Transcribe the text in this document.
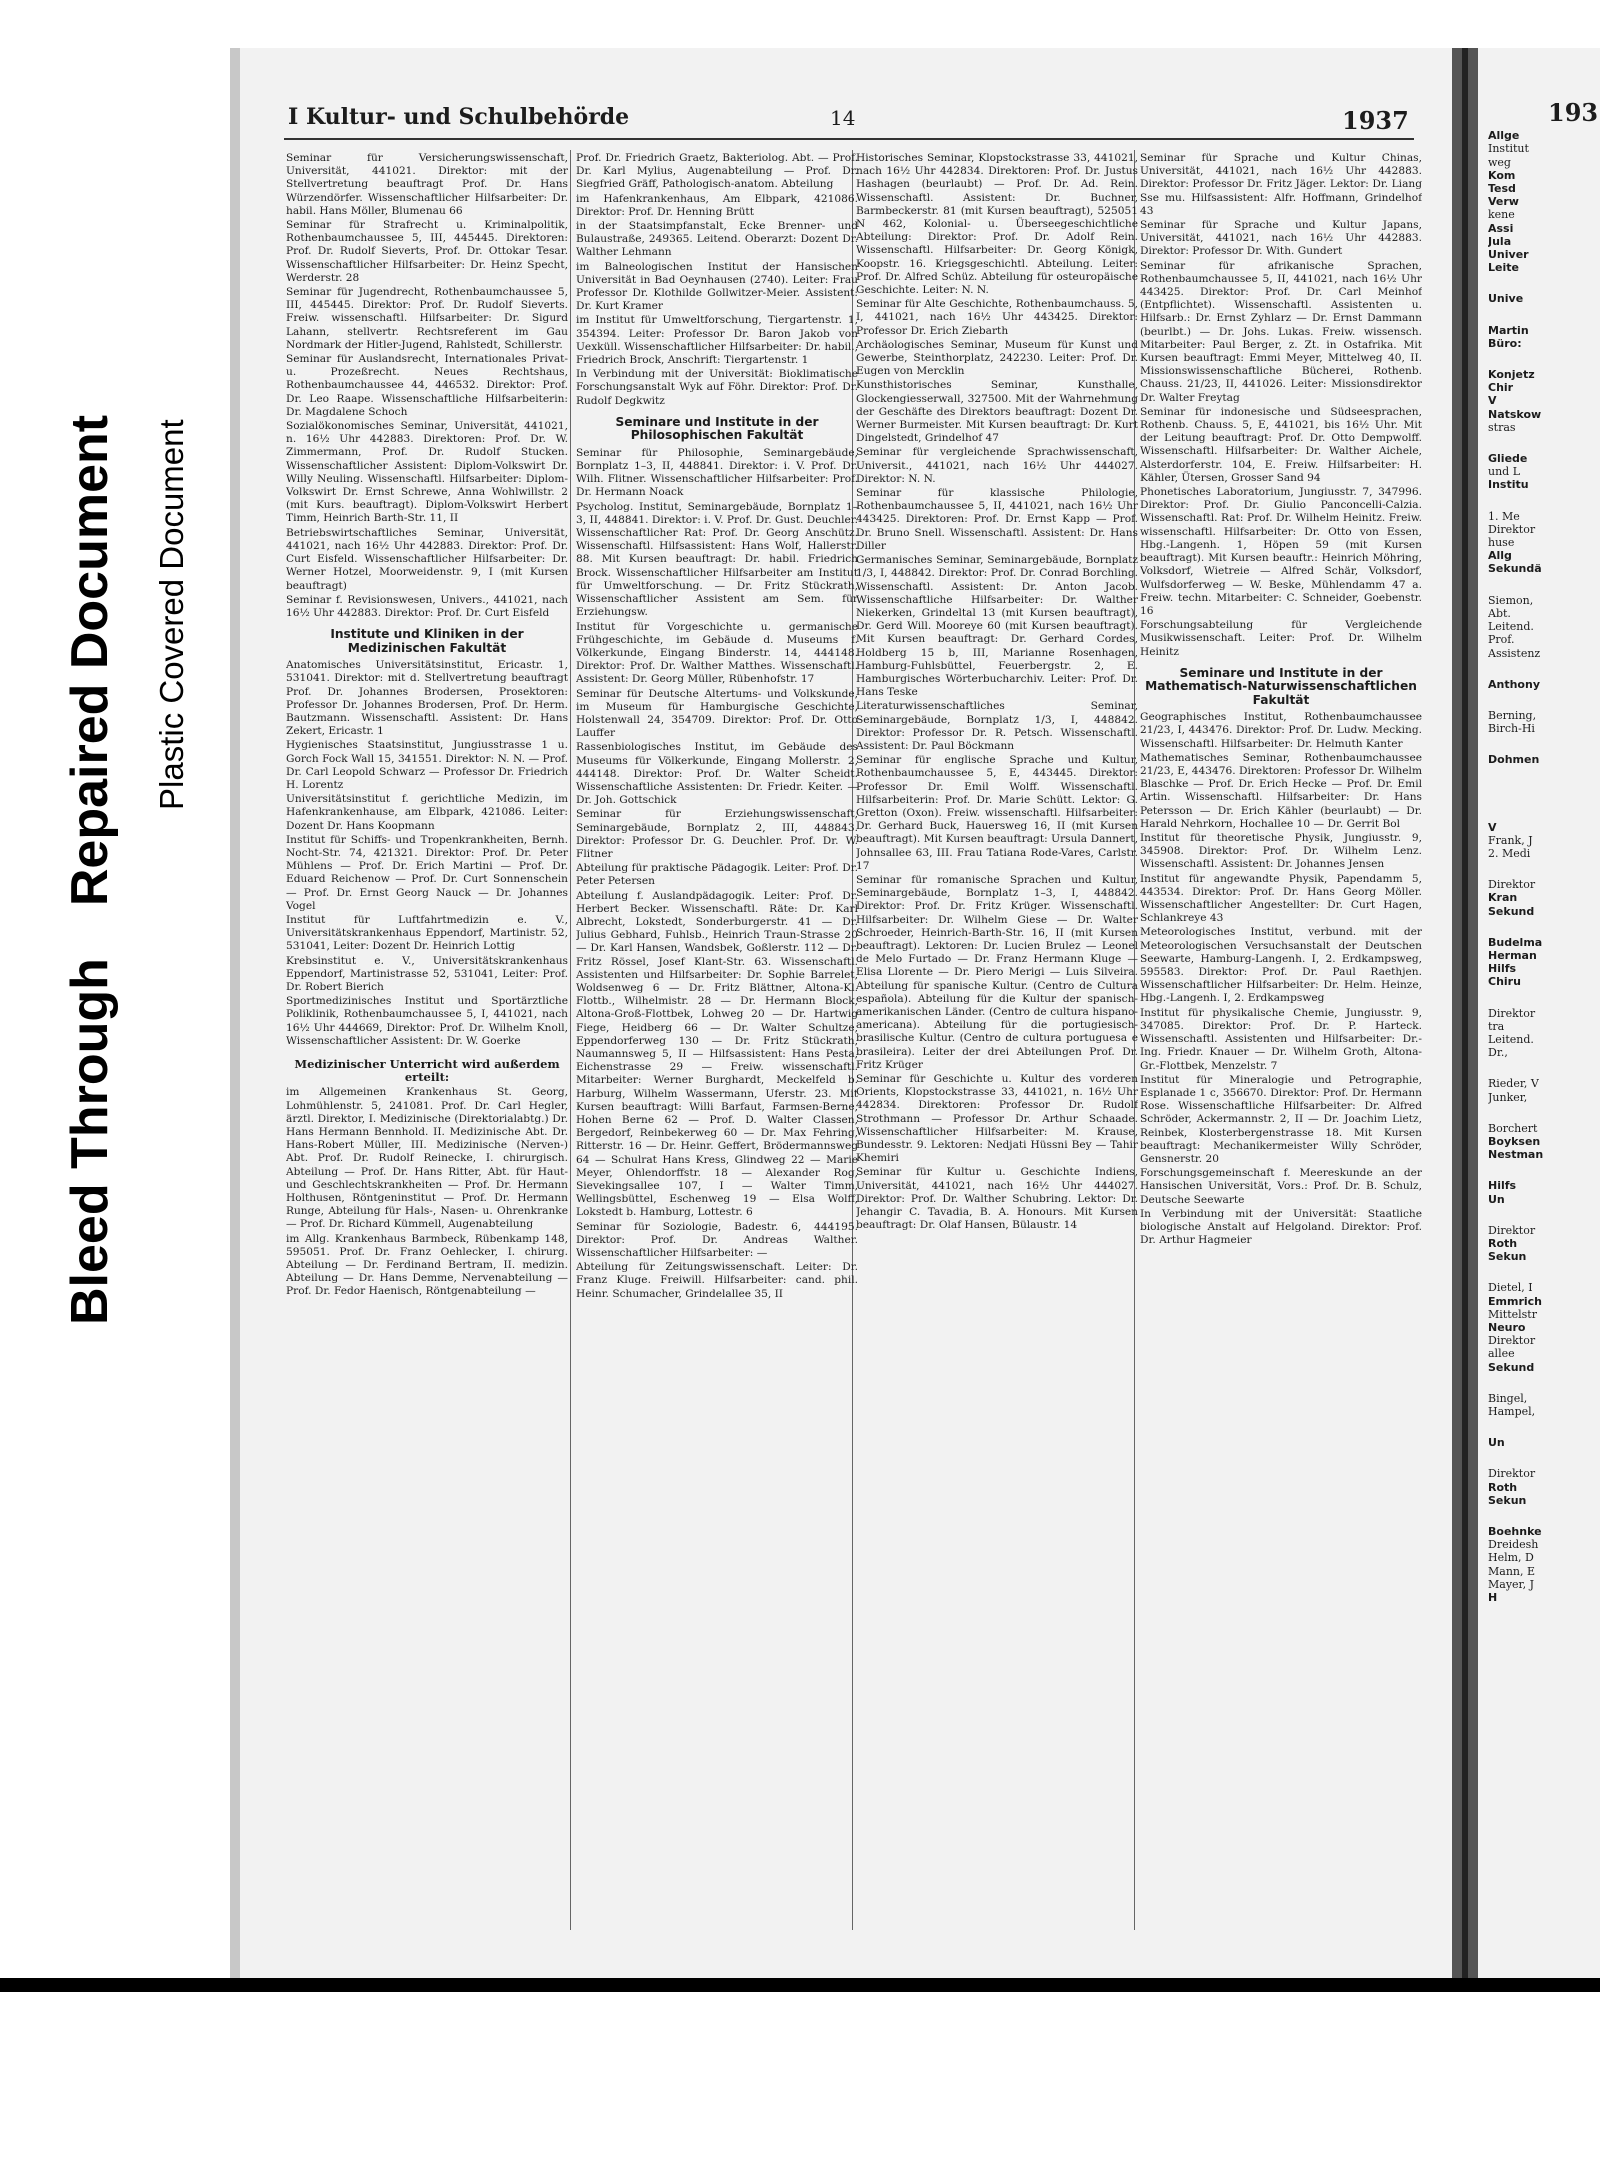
Bleed ThroughRepaired Document Plastic Covered Document
I Kultur- und Schulbehörde	14	1937

Seminar für Versicherungswissenschaft, Universität, 441021. Direktor: mit der Stellvertretung beauftragt Prof. Dr. Hans Würzendörfer. Wissenschaftlicher Hilfsarbeiter: Dr. habil. Hans Möller, Blumenau 66

Seminar für Strafrecht u. Kriminalpolitik, Rothenbaumchaussee 5, III, 445445. Direktoren: Prof. Dr. Rudolf Sieverts, Prof. Dr. Ottokar Tesar. Wissenschaftlicher Hilfsarbeiter: Dr. Heinz Specht, Werderstr. 28

Seminar für Jugendrecht, Rothenbaumchaussee 5, III, 445445. Direktor: Prof. Dr. Rudolf Sieverts. Freiw. wissenschaftl. Hilfsarbeiter: Dr. Sigurd Lahann, stellvertr. Rechtsreferent im Gau Nordmark der Hitler-Jugend, Rahlstedt, Schillerstr.

Seminar für Auslandsrecht, Internationales Privat- u. Prozeßrecht. Neues Rechtshaus, Rothenbaumchaussee 44, 446532. Direktor: Prof. Dr. Leo Raape. Wissenschaftliche Hilfsarbeiterin: Dr. Magdalene Schoch

Sozialökonomisches Seminar, Universität, 441021, n. 16½ Uhr 442883. Direktoren: Prof. Dr. W. Zimmermann, Prof. Dr. Rudolf Stucken. Wissenschaftlicher Assistent: Diplom-Volkswirt Dr. Willy Neuling. Wissenschaftl. Hilfsarbeiter: Diplom-Volkswirt Dr. Ernst Schrewe, Anna Wohlwillstr. 2 (mit Kurs. beauftragt). Diplom-Volkswirt Herbert Timm, Heinrich Barth-Str. 11, II

Betriebswirtschaftliches Seminar, Universität, 441021, nach 16½ Uhr 442883. Direktor: Prof. Dr. Curt Eisfeld. Wissenschaftlicher Hilfsarbeiter: Dr. Werner Hotzel, Moorweidenstr. 9, I (mit Kursen beauftragt)

Seminar f. Revisionswesen, Univers., 441021, nach 16½ Uhr 442883. Direktor: Prof. Dr. Curt Eisfeld

Institute und Kliniken in der Medizinischen Fakultät

Anatomisches Universitätsinstitut, Ericastr. 1, 531041. Direktor: mit d. Stellvertretung beauftragt Prof. Dr. Johannes Brodersen, Prosektoren: Professor Dr. Johannes Brodersen, Prof. Dr. Herm. Bautzmann. Wissenschaftl. Assistent: Dr. Hans Zekert, Ericastr. 1

Hygienisches Staatsinstitut, Jungiusstrasse 1 u. Gorch Fock Wall 15, 341551. Direktor: N. N. — Prof. Dr. Carl Leopold Schwarz — Professor Dr. Friedrich H. Lorentz

Universitätsinstitut f. gerichtliche Medizin, im Hafenkrankenhause, am Elbpark, 421086. Leiter: Dozent Dr. Hans Koopmann

Institut für Schiffs- und Tropenkrankheiten, Bernh. Nocht-Str. 74, 421321. Direktor: Prof. Dr. Peter Mühlens — Prof. Dr. Erich Martini — Prof. Dr. Eduard Reichenow — Prof. Dr. Curt Sonnenschein — Prof. Dr. Ernst Georg Nauck — Dr. Johannes Vogel

Institut für Luftfahrtmedizin e. V., Universitätskrankenhaus Eppendorf, Martinistr. 52, 531041, Leiter: Dozent Dr. Heinrich Lottig

Krebsinstitut e. V., Universitätskrankenhaus Eppendorf, Martinistrasse 52, 531041, Leiter: Prof. Dr. Robert Bierich

Sportmedizinisches Institut und Sportärztliche Poliklinik, Rothenbaumchaussee 5, I, 441021, nach 16½ Uhr 444669, Direktor: Prof. Dr. Wilhelm Knoll, Wissenschaftlicher Assistent: Dr. W. Goerke

Medizinischer Unterricht wird außerdem erteilt:

im Allgemeinen Krankenhaus St. Georg, Lohmühlenstr. 5, 241081. Prof. Dr. Carl Hegler, ärztl. Direktor, I. Medizinische (Direktorialabtg.) Dr. Hans Hermann Bennhold. II. Medizinische Abt. Dr. Hans-Robert Müller, III. Medizinische (Nerven-) Abt. Prof. Dr. Rudolf Reinecke, I. chirurgisch. Abteilung — Prof. Dr. Hans Ritter, Abt. für Haut- und Geschlechtskrankheiten — Prof. Dr. Hermann Holthusen, Röntgeninstitut — Prof. Dr. Hermann Runge, Abteilung für Hals-, Nasen- u. Ohrenkranke — Prof. Dr. Richard Kümmell, Augenabteilung

im Allg. Krankenhaus Barmbeck, Rübenkamp 148, 595051. Prof. Dr. Franz Oehlecker, I. chirurg. Abteilung — Dr. Ferdinand Bertram, II. medizin. Abteilung — Dr. Hans Demme, Nervenabteilung — Prof. Dr. Fedor Haenisch, Röntgenabteilung —

Prof. Dr. Friedrich Graetz, Bakteriolog. Abt. — Prof. Dr. Karl Mylius, Augenabteilung — Prof. Dr. Siegfried Gräff, Pathologisch-anatom. Abteilung

im Hafenkrankenhaus, Am Elbpark, 421086. Direktor: Prof. Dr. Henning Brütt

in der Staatsimpfanstalt, Ecke Brenner- und Bulaustraße, 249365. Leitend. Oberarzt: Dozent Dr. Walther Lehmann

im Balneologischen Institut der Hansischen Universität in Bad Oeynhausen (2740). Leiter: Frau Professor Dr. Klothilde Gollwitzer-Meier. Assistent: Dr. Kurt Kramer

im Institut für Umweltforschung, Tiergartenstr. 1, 354394. Leiter: Professor Dr. Baron Jakob von Uexküll. Wissenschaftlicher Hilfsarbeiter: Dr. habil., Friedrich Brock, Anschrift: Tiergartenstr. 1

In Verbindung mit der Universität: Bioklimatische Forschungsanstalt Wyk auf Föhr. Direktor: Prof. Dr. Rudolf Degkwitz

Seminare und Institute in der Philosophischen Fakultät

Seminar für Philosophie, Seminargebäude, Bornplatz 1–3, II, 448841. Direktor: i. V. Prof. Dr. Wilh. Flitner. Wissenschaftlicher Hilfsarbeiter: Prof. Dr. Hermann Noack

Psycholog. Institut, Seminargebäude, Bornplatz 1–3, II, 448841. Direktor: i. V. Prof. Dr. Gust. Deuchler. Wissenschaftlicher Rat: Prof. Dr. Georg Anschütz. Wissenschaftl. Hilfsassistent: Hans Wolf, Hallerstr. 88. Mit Kursen beauftragt: Dr. habil. Friedrich Brock. Wissenschaftlicher Hilfsarbeiter am Institut für Umweltforschung. — Dr. Fritz Stückrath, Wissenschaftlicher Assistent am Sem. für Erziehungsw.

Institut für Vorgeschichte u. germanische Frühgeschichte, im Gebäude d. Museums f. Völkerkunde, Eingang Binderstr. 14, 444148. Direktor: Prof. Dr. Walther Matthes. Wissenschaftl. Assistent: Dr. Georg Müller, Rübenhofstr. 17

Seminar für Deutsche Altertums- und Volkskunde, im Museum für Hamburgische Geschichte, Holstenwall 24, 354709. Direktor: Prof. Dr. Otto Lauffer

Rassenbiologisches Institut, im Gebäude des Museums für Völkerkunde, Eingang Mollerstr. 2, 444148. Direktor: Prof. Dr. Walter Scheidt. Wissenschaftliche Assistenten: Dr. Friedr. Keiter. — Dr. Joh. Gottschick

Seminar für Erziehungswissenschaft, Seminargebäude, Bornplatz 2, III, 448843. Direktor: Professor Dr. G. Deuchler. Prof. Dr. W. Flitner

Abteilung für praktische Pädagogik. Leiter: Prof. Dr. Peter Petersen

Abteilung f. Auslandpädagogik. Leiter: Prof. Dr. Herbert Becker. Wissenschaftl. Räte: Dr. Karl Albrecht, Lokstedt, Sonderburgerstr. 41 — Dr. Julius Gebhard, Fuhlsb., Heinrich Traun-Strasse 20 — Dr. Karl Hansen, Wandsbek, Goßlerstr. 112 — Dr. Fritz Rössel, Josef Klant-Str. 63. Wissenschaftl. Assistenten und Hilfsarbeiter: Dr. Sophie Barrelet, Woldsenweg 6 — Dr. Fritz Blättner, Altona-Kl. Flottb., Wilhelmistr. 28 — Dr. Hermann Block, Altona-Groß-Flottbek, Lohweg 20 — Dr. Hartwig Fiege, Heidberg 66 — Dr. Walter Schultze, Eppendorferweg 130 — Dr. Fritz Stückrath, Naumannsweg 5, II — Hilfsassistent: Hans Pesta, Eichenstrasse 29 — Freiw. wissenschaftl. Mitarbeiter: Werner Burghardt, Meckelfeld b. Harburg, Wilhelm Wassermann, Uferstr. 23. Mit Kursen beauftragt: Willi Barfaut, Farmsen-Berne, Hohen Berne 62 — Prof. D. Walter Classen, Bergedorf, Reinbekerweg 60 — Dr. Max Fehring, Ritterstr. 16 — Dr. Heinr. Geffert, Brödermannsweg 64 — Schulrat Hans Kress, Glindweg 22 — Marie Meyer, Ohlendorffstr. 18 — Alexander Rog, Sievekingsallee 107, I — Walter Timm, Wellingsbüttel, Eschenweg 19 — Elsa Wolff, Lokstedt b. Hamburg, Lottestr. 6

Seminar für Soziologie, Badestr. 6, 444195. Direktor: Prof. Dr. Andreas Walther. Wissenschaftlicher Hilfsarbeiter: —

Abteilung für Zeitungswissenschaft. Leiter: Dr. Franz Kluge. Freiwill. Hilfsarbeiter: cand. phil. Heinr. Schumacher, Grindelallee 35, II

Historisches Seminar, Klopstockstrasse 33, 441021, nach 16½ Uhr 442834. Direktoren: Prof. Dr. Justus Hashagen (beurlaubt) — Prof. Dr. Ad. Rein. Wissenschaftl. Assistent: Dr. Buchner, Barmbeckerstr. 81 (mit Kursen beauftragt), 525051 N 462, Kolonial- u. Überseegeschichtliche Abteilung: Direktor: Prof. Dr. Adolf Rein. Wissenschaftl. Hilfsarbeiter: Dr. Georg Königk, Koopstr. 16. Kriegsgeschichtl. Abteilung. Leiter: Prof. Dr. Alfred Schüz. Abteilung für osteuropäische Geschichte. Leiter: N. N.

Seminar für Alte Geschichte, Rothenbaumchauss. 5, I, 441021, nach 16½ Uhr 443425. Direktor: Professor Dr. Erich Ziebarth

Archäologisches Seminar, Museum für Kunst und Gewerbe, Steinthorplatz, 242230. Leiter: Prof. Dr. Eugen von Mercklin

Kunsthistorisches Seminar, Kunsthalle, Glockengiesserwall, 327500. Mit der Wahrnehmung der Geschäfte des Direktors beauftragt: Dozent Dr. Werner Burmeister. Mit Kursen beauftragt: Dr. Kurt Dingelstedt, Grindelhof 47

Seminar für vergleichende Sprachwissenschaft, Universit., 441021, nach 16½ Uhr 444027. Direktor: N. N.

Seminar für klassische Philologie, Rothenbaumchaussee 5, II, 441021, nach 16½ Uhr 443425. Direktoren: Prof. Dr. Ernst Kapp — Prof. Dr. Bruno Snell. Wissenschaftl. Assistent: Dr. Hans Diller

Germanisches Seminar, Seminargebäude, Bornplatz 1/3, I, 448842. Direktor: Prof. Dr. Conrad Borchling. Wissenschaftl. Assistent: Dr. Anton Jacob. Wissenschaftliche Hilfsarbeiter: Dr. Walther Niekerken, Grindeltal 13 (mit Kursen beauftragt), Dr. Gerd Will. Mooreye 60 (mit Kursen beauftragt). Mit Kursen beauftragt: Dr. Gerhard Cordes, Holdberg 15 b, III, Marianne Rosenhagen, Hamburg-Fuhlsbüttel, Feuerbergstr. 2, E. Hamburgisches Wörterbucharchiv. Leiter: Prof. Dr. Hans Teske

Literaturwissenschaftliches Seminar, Seminargebäude, Bornplatz 1/3, I, 448842. Direktor: Professor Dr. R. Petsch. Wissenschaftl. Assistent: Dr. Paul Böckmann

Seminar für englische Sprache und Kultur, Rothenbaumchaussee 5, E, 443445. Direktor: Professor Dr. Emil Wolff. Wissenschaftl. Hilfsarbeiterin: Prof. Dr. Marie Schütt. Lektor: G. Gretton (Oxon). Freiw. wissenschaftl. Hilfsarbeiter: Dr. Gerhard Buck, Hauersweg 16, II (mit Kursen beauftragt). Mit Kursen beauftragt: Ursula Dannert, Johnsallee 63, III. Frau Tatiana Rode-Vares, Carlstr. 17

Seminar für romanische Sprachen und Kultur, Seminargebäude, Bornplatz 1–3, I, 448842. Direktor: Prof. Dr. Fritz Krüger. Wissenschaftl. Hilfsarbeiter: Dr. Wilhelm Giese — Dr. Walter Schroeder, Heinrich-Barth-Str. 16, II (mit Kursen beauftragt). Lektoren: Dr. Lucien Brulez — Leonel de Melo Furtado — Dr. Franz Hermann Kluge — Elisa Llorente — Dr. Piero Merigi — Luis Silveira. Abteilung für spanische Kultur. (Centro de Cultura española). Abteilung für die Kultur der spanisch-amerikanischen Länder. (Centro de cultura hispano-americana). Abteilung für die portugiesisch-brasilische Kultur. (Centro de cultura portuguesa e brasileira). Leiter der drei Abteilungen Prof. Dr. Fritz Krüger

Seminar für Geschichte u. Kultur des vorderen Orients, Klopstockstrasse 33, 441021, n. 16½ Uhr 442834. Direktoren: Professor Dr. Rudolf Strothmann — Professor Dr. Arthur Schaade. Wissenschaftlicher Hilfsarbeiter: M. Krause, Bundesstr. 9. Lektoren: Nedjati Hüssni Bey — Tahir Khemiri

Seminar für Kultur u. Geschichte Indiens, Universität, 441021, nach 16½ Uhr 444027. Direktor: Prof. Dr. Walther Schubring. Lektor: Dr. Jehangir C. Tavadia, B. A. Honours. Mit Kursen beauftragt: Dr. Olaf Hansen, Bülaustr. 14

Seminar für Sprache und Kultur Chinas, Universität, 441021, nach 16½ Uhr 442883. Direktor: Professor Dr. Fritz Jäger. Lektor: Dr. Liang Sse mu. Hilfsassistent: Alfr. Hoffmann, Grindelhof 43

Seminar für Sprache und Kultur Japans, Universität, 441021, nach 16½ Uhr 442883. Direktor: Professor Dr. With. Gundert

Seminar für afrikanische Sprachen, Rothenbaumchaussee 5, II, 441021, nach 16½ Uhr 443425. Direktor: Prof. Dr. Carl Meinhof (Entpflichtet). Wissenschaftl. Assistenten u. Hilfsarb.: Dr. Ernst Zyhlarz — Dr. Ernst Dammann (beurlbt.) — Dr. Johs. Lukas. Freiw. wissensch. Mitarbeiter: Paul Berger, z. Zt. in Ostafrika. Mit Kursen beauftragt: Emmi Meyer, Mittelweg 40, II. Missionswissenschaftliche Bücherei, Rothenb. Chauss. 21/23, II, 441026. Leiter: Missionsdirektor Dr. Walter Freytag

Seminar für indonesische und Südseesprachen, Rothenb. Chauss. 5, E, 441021, bis 16½ Uhr. Mit der Leitung beauftragt: Prof. Dr. Otto Dempwolff. Wissenschaftl. Hilfsarbeiter: Dr. Walther Aichele, Alsterdorferstr. 104, E. Freiw. Hilfsarbeiter: H. Kähler, Ütersen, Grosser Sand 94

Phonetisches Laboratorium, Jungiusstr. 7, 347996. Direktor: Prof. Dr. Giulio Panconcelli-Calzia. Wissenschaftl. Rat: Prof. Dr. Wilhelm Heinitz. Freiw. wissenschaftl. Hilfsarbeiter: Dr. Otto von Essen, Hbg.-Langenh. 1, Höpen 59 (mit Kursen beauftragt). Mit Kursen beauftr.: Heinrich Möhring, Volksdorf, Wietreie — Alfred Schär, Volksdorf, Wulfsdorferweg — W. Beske, Mühlendamm 47 a. Freiw. techn. Mitarbeiter: C. Schneider, Goebenstr. 16

Forschungsabteilung für Vergleichende Musikwissenschaft. Leiter: Prof. Dr. Wilhelm Heinitz

Seminare und Institute in der Mathematisch-Naturwissenschaftlichen Fakultät

Geographisches Institut, Rothenbaumchaussee 21/23, I, 443476. Direktor: Prof. Dr. Ludw. Mecking. Wissenschaftl. Hilfsarbeiter: Dr. Helmuth Kanter

Mathematisches Seminar, Rothenbaumchaussee 21/23, E, 443476. Direktoren: Professor Dr. Wilhelm Blaschke — Prof. Dr. Erich Hecke — Prof. Dr. Emil Artin. Wissenschaftl. Hilfsarbeiter: Dr. Hans Petersson — Dr. Erich Kähler (beurlaubt) — Dr. Harald Nehrkorn, Hochallee 10 — Dr. Gerrit Bol

Institut für theoretische Physik, Jungiusstr. 9, 345908. Direktor: Prof. Dr. Wilhelm Lenz. Wissenschaftl. Assistent: Dr. Johannes Jensen

Institut für angewandte Physik, Papendamm 5, 443534. Direktor: Prof. Dr. Hans Georg Möller. Wissenschaftlicher Angestellter: Dr. Curt Hagen, Schlankreye 43

Meteorologisches Institut, verbund. mit der Meteorologischen Versuchsanstalt der Deutschen Seewarte, Hamburg-Langenh. I, 2. Erdkampsweg, 595583. Direktor: Prof. Dr. Paul Raethjen. Wissenschaftlicher Hilfsarbeiter: Dr. Helm. Heinze, Hbg.-Langenh. I, 2. Erdkampsweg

Institut für physikalische Chemie, Jungiusstr. 9, 347085. Direktor: Prof. Dr. P. Harteck. Wissenschaftl. Assistenten und Hilfsarbeiter: Dr.-Ing. Friedr. Knauer — Dr. Wilhelm Groth, Altona-Gr.-Flottbek, Menzelstr. 7

Institut für Mineralogie und Petrographie, Esplanade 1 c, 356670. Direktor: Prof. Dr. Hermann Rose. Wissenschaftliche Hilfsarbeiter: Dr. Alfred Schröder, Ackermannstr. 2, II — Dr. Joachim Lietz, Reinbek, Klosterbergenstrasse 18. Mit Kursen beauftragt: Mechanikermeister Willy Schröder, Gensnerstr. 20

Forschungsgemeinschaft f. Meereskunde an der Hansischen Universität, Vors.: Prof. Dr. B. Schulz, Deutsche Seewarte

In Verbindung mit der Universität: Staatliche biologische Anstalt auf Helgoland. Direktor: Prof. Dr. Arthur Hagmeier

193

Allge

Institut

weg

Kom

Tesd

Verw

kene

Assi

Jula

Univer

Leite

Unive

Martin

Büro:

Konjetz

Chir

V

Natskow

stras

Gliede

und L

Institu

1. Me

Direktor

huse

Allg

Sekundä

Siemon,

Abt.

Leitend.

Prof.

Assistenz

Anthony

Berning,

Birch-Hi

Dohmen

V

Frank, J

2. Medi

Direktor

Kran

Sekund

Budelma

Herman

Hilfs

Chiru

Direktor

tra

Leitend.

Dr.,

Rieder, V

Junker,

Borchert

Boyksen

Nestman

Hilfs

Un

Direktor

Roth

Sekun

Dietel, I

Emmrich

Mittelstr

Neuro

Direktor

allee

Sekund

Bingel,

Hampel,

Un

Direktor

Roth

Sekun

Boehnke

Dreidesh

Helm, D

Mann, E

Mayer, J

H
